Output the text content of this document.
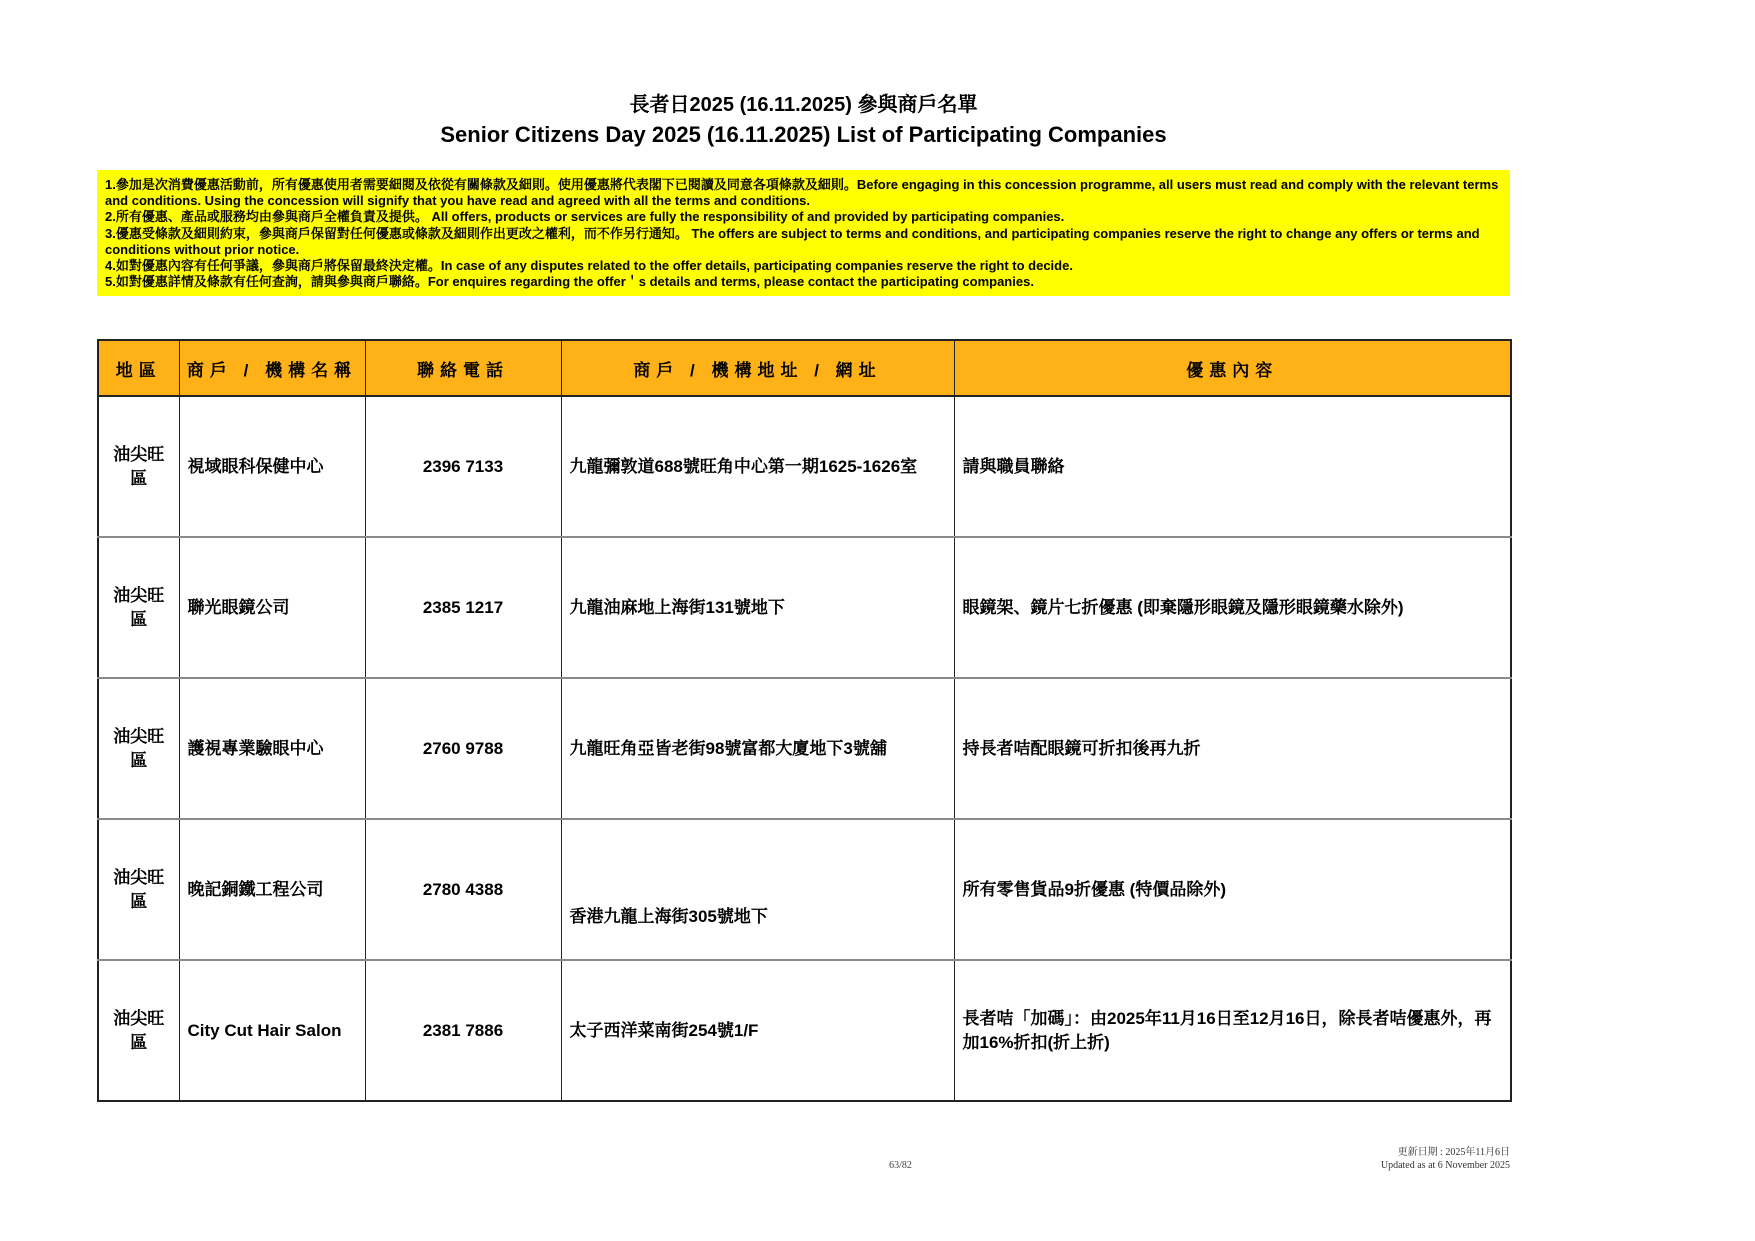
長者日2025 (16.11.2025) 參與商戶名單
Senior Citizens Day 2025 (16.11.2025) List of Participating Companies
1.參加是次消費優惠活動前，所有優惠使用者需要細閱及依從有關條款及細則。使用優惠將代表閣下已閱讀及同意各項條款及細則。Before engaging in this concession programme, all users must read and comply with the relevant terms and conditions. Using the concession will signify that you have read and agreed with all the terms and conditions.
2.所有優惠、產品或服務均由參與商戶全權負責及提供。 All offers, products or services are fully the responsibility of and provided by participating companies.
3.優惠受條款及細則約束，參與商戶保留對任何優惠或條款及細則作出更改之權利，而不作另行通知。 The offers are subject to terms and conditions, and participating companies reserve the right to change any offers or terms and conditions without prior notice.
4.如對優惠內容有任何爭議，參與商戶將保留最終決定權。In case of any disputes related to the offer details, participating companies reserve the right to decide.
5.如對優惠詳情及條款有任何查詢，請與參與商戶聯絡。For enquires regarding the offer＇s details and terms, please contact the participating companies.
地區	商戶 / 機構名稱	聯絡電話	商戶 / 機構地址 / 網址	優惠內容
油尖旺區	視域眼科保健中心	2396 7133	九龍彌敦道688號旺角中心第一期1625-1626室	請與職員聯絡
油尖旺區	聯光眼鏡公司	2385 1217	九龍油麻地上海街131號地下	眼鏡架、鏡片七折優惠 (即棄隱形眼鏡及隱形眼鏡藥水除外)
油尖旺區	護視專業驗眼中心	2760 9788	九龍旺角亞皆老街98號富都大廈地下3號舖	持長者咭配眼鏡可折扣後再九折
油尖旺區	晚記銅鐵工程公司	2780 4388	香港九龍上海街305號地下	所有零售貨品9折優惠 (特價品除外)
油尖旺區	City Cut Hair Salon	2381 7886	太子西洋菜南街254號1/F	長者咭「加碼」：由2025年11月16日至12月16日，除長者咭優惠外，再加16%折扣(折上折)
63/82
更新日期 : 2025年11月6日
Updated as at 6 November 2025
